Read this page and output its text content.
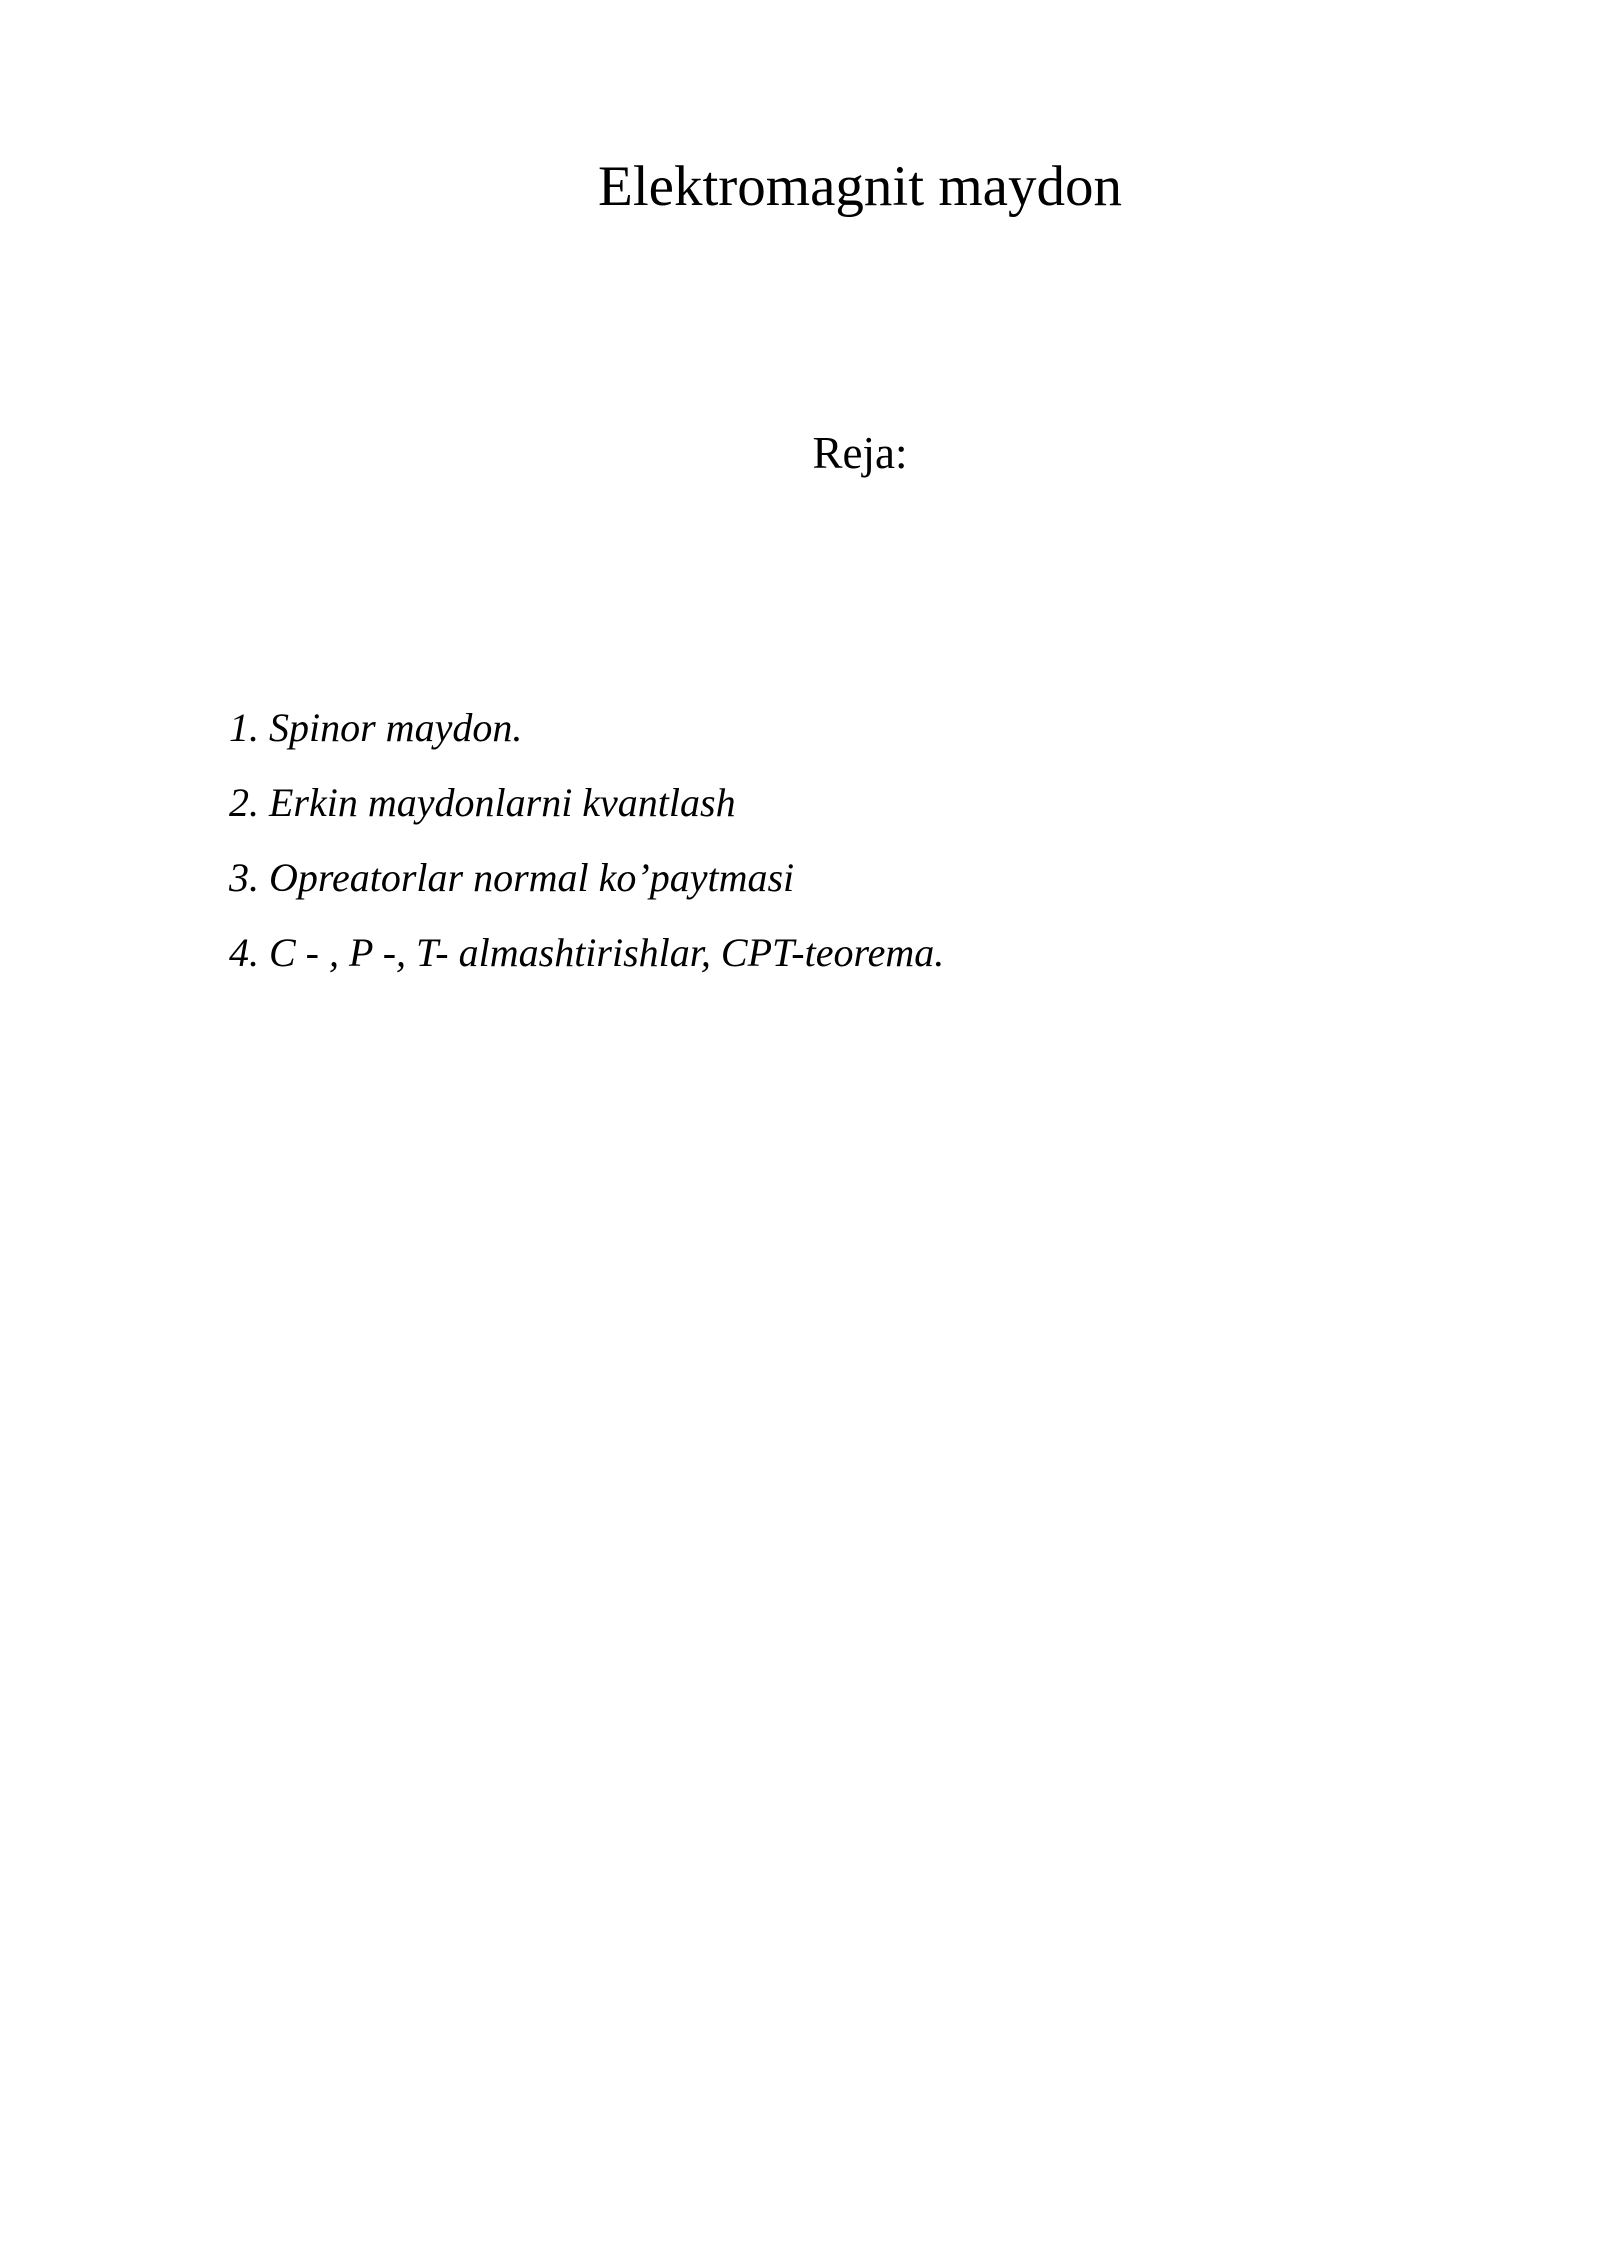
Elektromagnit maydon
Reja:
1. Spinor maydon.
2. Erkin maydonlarni kvantlash
3. Opreatorlar normal ko’paytmasi
4. C - , P -, T- almashtirishlar, CPT-teorema.
